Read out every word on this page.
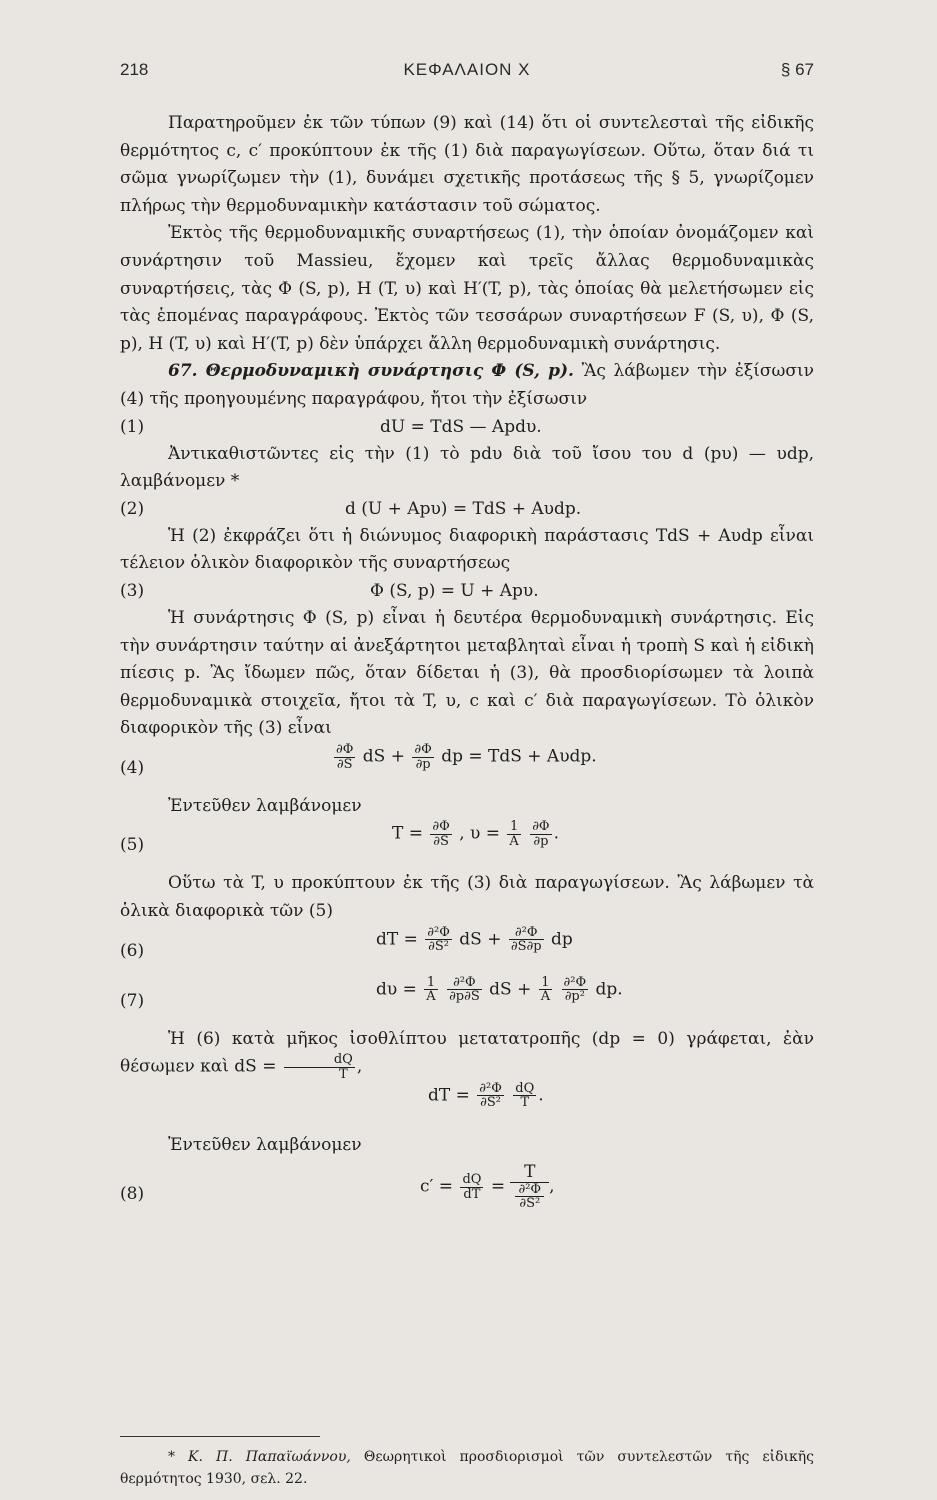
218	ΚΕΦΑΛΑΙΟΝ X	§ 67

Παρατηροῦμεν ἐκ τῶν τύπων (9) καὶ (14) ὅτι οἱ συντελεσταὶ τῆς εἰδικῆς θερμότητος c, c′ προκύπτουν ἐκ τῆς (1) διὰ παραγωγίσεων. Οὕτω, ὅταν διά τι σῶμα γνωρίζωμεν τὴν (1), δυνάμει σχετικῆς προτάσεως τῆς § 5, γνωρίζομεν πλήρως τὴν θερμοδυναμικὴν κατάστασιν τοῦ σώματος.

Ἐκτὸς τῆς θερμοδυναμικῆς συναρτήσεως (1), τὴν ὁποίαν ὀνομάζομεν καὶ συνάρτησιν τοῦ Massieu, ἔχομεν καὶ τρεῖς ἄλλας θερμοδυναμικὰς συναρτήσεις, τὰς Φ (S, p), H (T, υ) καὶ H′(T, p), τὰς ὁποίας θὰ μελετήσωμεν εἰς τὰς ἑπομένας παραγράφους. Ἐκτὸς τῶν τεσσάρων συναρτήσεων F (S, υ), Φ (S, p), H (T, υ) καὶ H′(T, p) δὲν ὑπάρχει ἄλλη θερμοδυναμικὴ συνάρτησις.

67. Θερμοδυναμικὴ συνάρτησις Φ (S, p). Ἂς λάβωμεν τὴν ἐξίσωσιν (4) τῆς προηγουμένης παραγράφου, ἤτοι τὴν ἐξίσωσιν

(1)	dU = TdS — Apdυ.

Ἀντικαθιστῶντες εἰς τὴν (1) τὸ pdυ διὰ τοῦ ἴσου του d (pυ) — υdp, λαμβάνομεν *

(2)	d (U + Apυ) = TdS + Aυdp.

Ἡ (2) ἐκφράζει ὅτι ἡ διώνυμος διαφορικὴ παράστασις TdS + Aυdp εἶναι τέλειον ὁλικὸν διαφορικὸν τῆς συναρτήσεως

(3)	Φ (S, p) = U + Apυ.

Ἡ συνάρτησις Φ (S, p) εἶναι ἡ δευτέρα θερμοδυναμικὴ συνάρτησις. Εἰς τὴν συνάρτησιν ταύτην αἱ ἀνεξάρτητοι μεταβληταὶ εἶναι ἡ τροπὴ S καὶ ἡ εἰδικὴ πίεσις p. Ἂς ἴδωμεν πῶς, ὅταν δίδεται ἡ (3), θὰ προσδιορίσωμεν τὰ λοιπὰ θερμοδυναμικὰ στοιχεῖα, ἤτοι τὰ T, υ, c καὶ c′ διὰ παραγωγίσεων. Τὸ ὁλικὸν διαφορικὸν τῆς (3) εἶναι

(4)	$\frac{\partial\Phi}{\partial S}$ dS + $\frac{\partial\Phi}{\partial p}$ dp = TdS + Aυdp.

Ἐντεῦθεν λαμβάνομεν

(5)
$T = \frac{\partial\Phi}{\partial S}$ , $\upsilon = \frac{1}{A}$
$\frac{\partial\Phi}{\partial p}$ .

Οὕτω τὰ T, υ προκύπτουν ἐκ τῆς (3) διὰ παραγωγίσεων. Ἂς λάβωμεν τὰ ὁλικὰ διαφορικὰ τῶν (5)

(6)
dT = $\frac{\text{∂²Φ}}{\text{∂S²}}$ dS + $\frac{\text{∂²Φ}}{\partial S\partial p}$ dp
(7)
$d\upsilon = \frac{1}{A}$
$\frac{\text{∂²Φ}}{\partial p\partial S}$ dS + $\frac{1}{A}$
$\frac{\text{∂²Φ}}{\text{∂p²}}$ dp.

Ἡ (6) κατὰ μῆκος ἰσοθλίπτου μετατατροπῆς (dp = 0) γράφεται, ἐὰν θέσωμεν καὶ dS = $\frac{dQ}{T}$ ,

dT = $\frac{\text{∂²Φ}}{\text{∂S²}}$
$\frac{dQ}{T}$ .

Ἐντεῦθεν λαμβάνομεν

(8)	$c' = \frac{dQ}{dT} = \frac{T}{\frac{\text{∂²Φ}}{\text{∂S²}}}$ ,
* Κ. Π. Παπαϊωάννου, Θεωρητικοὶ προσδιορισμοὶ τῶν συντελεστῶν τῆς εἰδικῆς θερμότητος 1930, σελ. 22.
